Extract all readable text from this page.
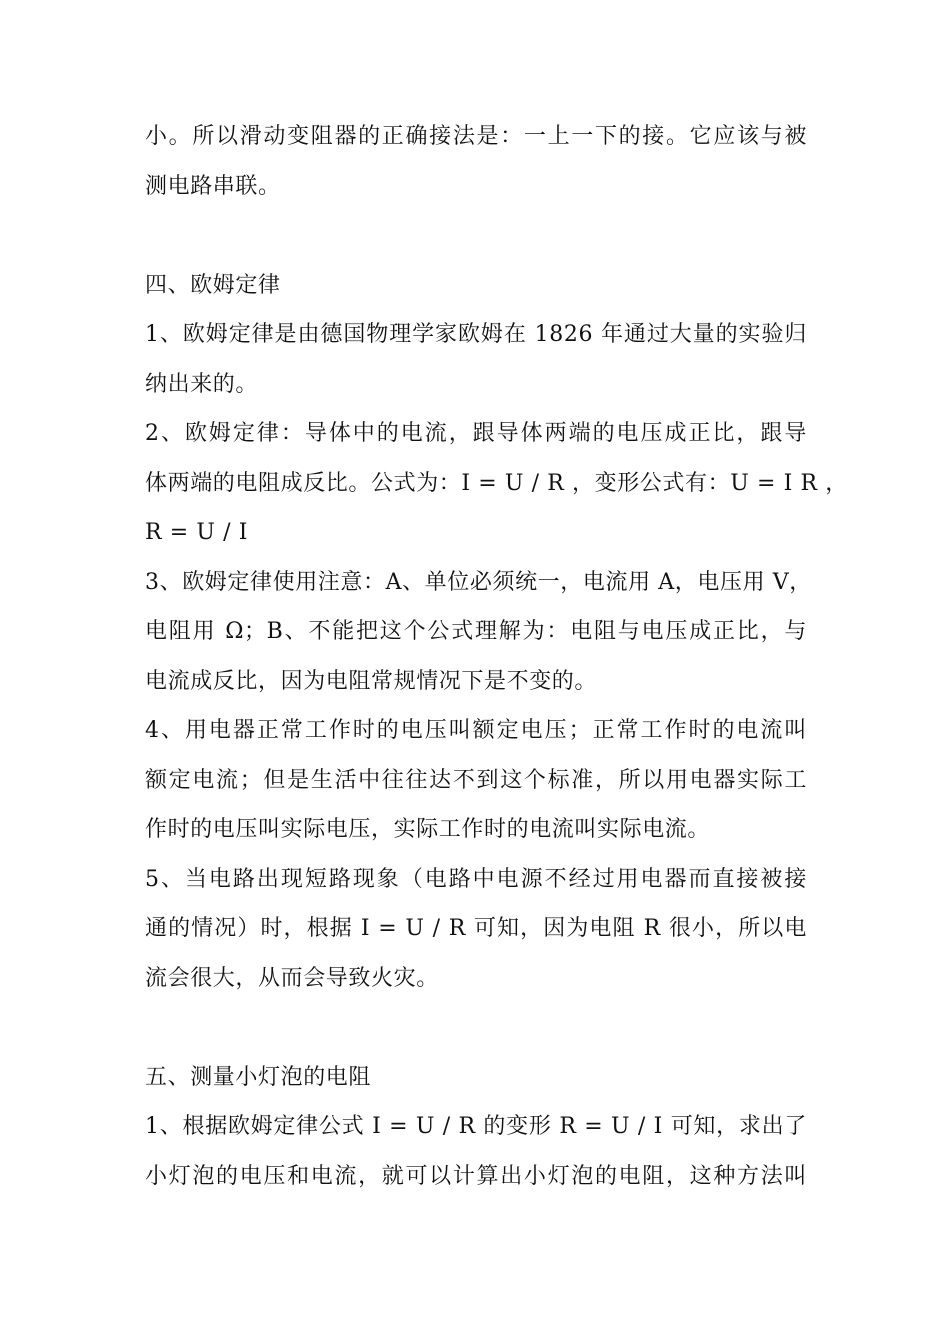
小。所以滑动变阻器的正确接法是：一上一下的接。它应该与被
测电路串联。
四、欧姆定律
1、欧姆定律是由德国物理学家欧姆在 1826 年通过大量的实验归
纳出来的。
2、欧姆定律：导体中的电流，跟导体两端的电压成正比，跟导
体两端的电阻成反比。公式为：I = U / R ，变形公式有：U = I R ，
R = U / I
3、欧姆定律使用注意：A、单位必须统一，电流用 A，电压用 V，
电阻用 Ω；B、不能把这个公式理解为：电阻与电压成正比，与
电流成反比，因为电阻常规情况下是不变的。
4、用电器正常工作时的电压叫额定电压；正常工作时的电流叫
额定电流；但是生活中往往达不到这个标准，所以用电器实际工
作时的电压叫实际电压，实际工作时的电流叫实际电流。
5、当电路出现短路现象（电路中电源不经过用电器而直接被接
通的情况）时，根据 I = U / R 可知，因为电阻 R 很小，所以电
流会很大，从而会导致火灾。
五、测量小灯泡的电阻
1、根据欧姆定律公式 I = U / R 的变形 R = U / I 可知，求出了
小灯泡的电压和电流，就可以计算出小灯泡的电阻，这种方法叫
